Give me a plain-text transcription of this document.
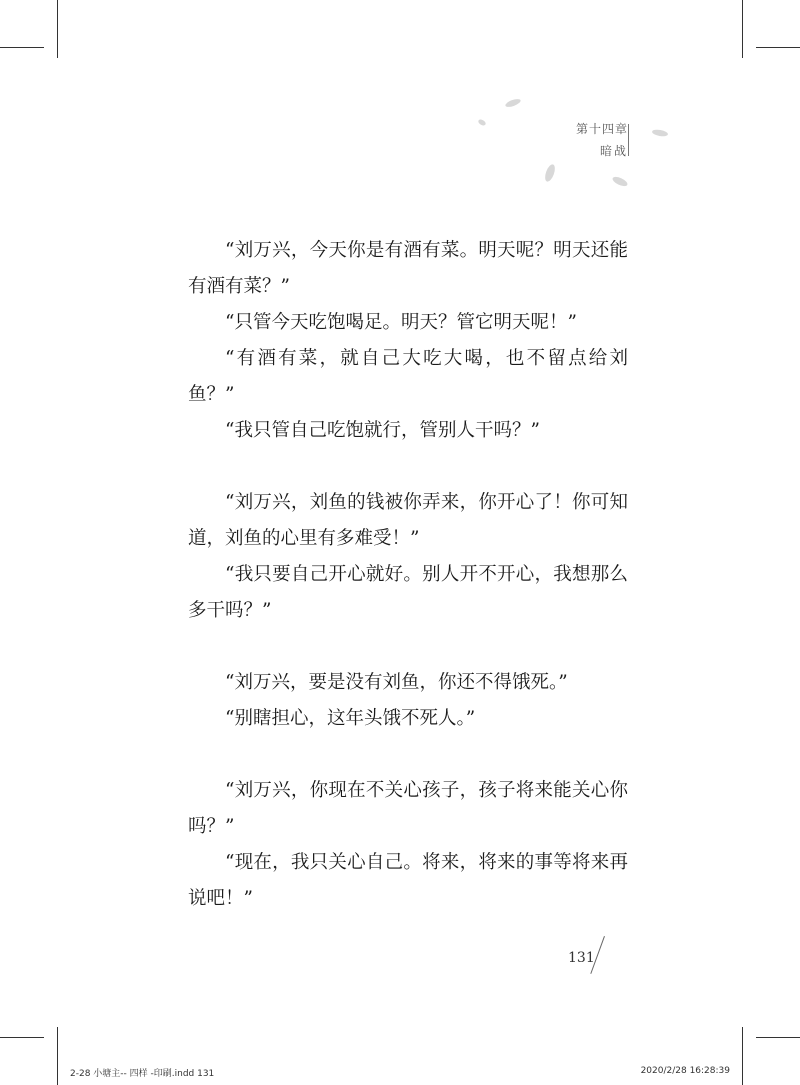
第十四章
暗战

“刘万兴，今天你是有酒有菜。明天呢？明天还能有酒有菜？”

“只管今天吃饱喝足。明天？管它明天呢！”

“有酒有菜，就自己大吃大喝，也不留点给刘鱼？”

“我只管自己吃饱就行，管别人干吗？”

“刘万兴，刘鱼的钱被你弄来，你开心了！你可知道，刘鱼的心里有多难受！”

“我只要自己开心就好。别人开不开心，我想那么多干吗？”

“刘万兴，要是没有刘鱼，你还不得饿死。”

“别瞎担心，这年头饿不死人。”

“刘万兴，你现在不关心孩子，孩子将来能关心你吗？”

“现在，我只关心自己。将来，将来的事等将来再说吧！”

131
2-28 小塘主-- 四样 -印刷.indd 131	2020/2/28 16:28:39
